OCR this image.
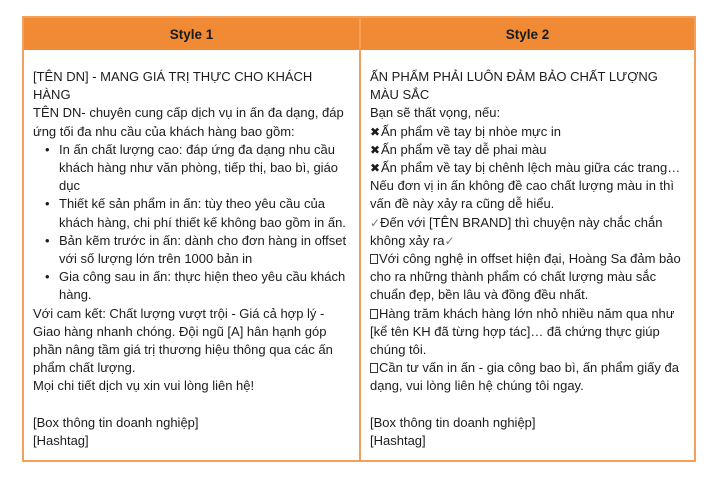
Style 1	Style 2

[TÊN DN] - MANG GIÁ TRỊ THỰC CHO KHÁCH HÀNG

TÊN DN- chuyên cung cấp dịch vụ in ấn đa dạng, đáp ứng tối đa nhu cầu của khách hàng bao gồm:

• In ấn chất lượng cao: đáp ứng đa dạng nhu cầu khách hàng như văn phòng, tiếp thị, bao bì, giáo dục
• Thiết kế sản phẩm in ấn: tùy theo yêu cầu của khách hàng, chi phí thiết kế không bao gồm in ấn.
• Bản kẽm trước in ấn: dành cho đơn hàng in offset với số lượng lớn trên 1000 bản in
• Gia công sau in ấn: thực hiện theo yêu cầu khách hàng.

Với cam kết: Chất lượng vượt trội - Giá cả hợp lý - Giao hàng nhanh chóng. Đội ngũ [A] hân hạnh góp phần nâng tầm giá trị thương hiệu thông qua các ấn phẩm chất lượng.

Mọi chi tiết dịch vụ xin vui lòng liên hệ!

[Box thông tin doanh nghiệp]

[Hashtag]

ẤN PHẨM PHẢI LUÔN ĐẢM BẢO CHẤT LƯỢNG MÀU SẮC

Bạn sẽ thất vọng, nếu:

✖Ấn phẩm về tay bị nhòe mực in

✖Ấn phẩm về tay dễ phai màu

✖Ấn phẩm về tay bị chênh lệch màu giữa các trang…

Nếu đơn vị in ấn không đề cao chất lượng màu in thì vấn đề này xảy ra cũng dễ hiểu.

✓Đến với [TÊN BRAND] thì chuyện này chắc chắn không xảy ra✓

Với công nghệ in offset hiện đại, Hoàng Sa đảm bảo cho ra những thành phẩm có chất lượng màu sắc chuẩn đẹp, bền lâu và đồng đều nhất.

Hàng trăm khách hàng lớn nhỏ nhiều năm qua như [kể tên KH đã từng hợp tác]… đã chứng thực giúp chúng tôi.

Cần tư vấn in ấn - gia công bao bì, ấn phẩm giấy đa dạng, vui lòng liên hệ chúng tôi ngay.

[Box thông tin doanh nghiệp]

[Hashtag]
